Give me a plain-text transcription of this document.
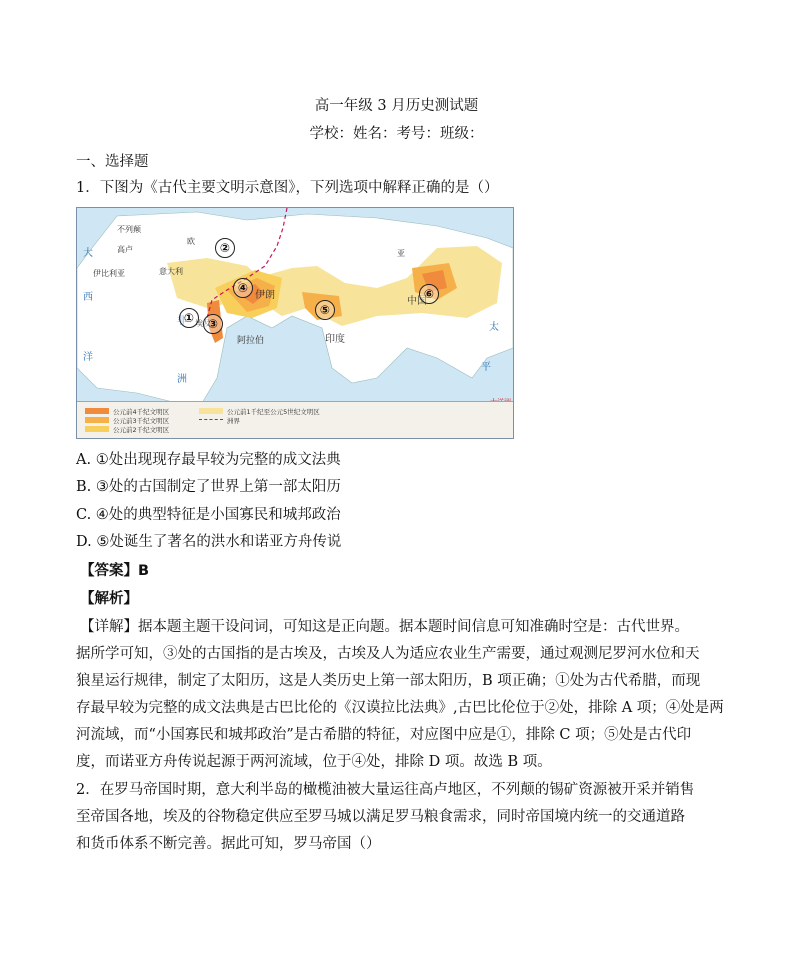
高一年级 3 月历史测试题
学校：姓名：考号：班级：
一、选择题
1．下图为《古代主要文明示意图》，下列选项中解释正确的是（）
不列颠
高卢
伊比利亚	意大利
欧
伊朗
阿拉伯	印度
中国
埃及
亚
大
西
洋
非
洲
太
平
①
②
③
④
⑤
⑥
公元前4千纪文明区
公元前3千纪文明区
公元前2千纪文明区
公元前1千纪至公元5世纪文明区
洲界
A. ①处出现现存最早较为完整的成文法典
B. ③处的古国制定了世界上第一部太阳历
C. ④处的典型特征是小国寡民和城邦政治
D. ⑤处诞生了著名的洪水和诺亚方舟传说
【答案】B
【解析】
【详解】据本题主题干设问词，可知这是正向题。据本题时间信息可知准确时空是：古代世界。
据所学可知，③处的古国指的是古埃及，古埃及人为适应农业生产需要，通过观测尼罗河水位和天
狼星运行规律，制定了太阳历，这是人类历史上第一部太阳历，B 项正确；①处为古代希腊，而现
存最早较为完整的成文法典是古巴比伦的《汉谟拉比法典》,古巴比伦位于②处，排除 A 项；④处是两
河流域，而“小国寡民和城邦政治”是古希腊的特征，对应图中应是①，排除 C 项；⑤处是古代印
度，而诺亚方舟传说起源于两河流域，位于④处，排除 D 项。故选 B 项。
2．在罗马帝国时期，意大利半岛的橄榄油被大量运往高卢地区，不列颠的锡矿资源被开采并销售
至帝国各地，埃及的谷物稳定供应至罗马城以满足罗马粮食需求，同时帝国境内统一的交通道路
和货币体系不断完善。据此可知，罗马帝国（）
